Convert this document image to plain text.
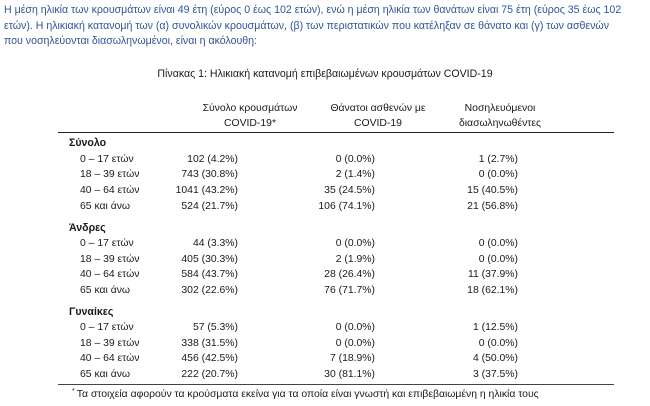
Η μέση ηλικία των κρουσμάτων είναι 49 έτη (εύρος 0 έως 102 ετών), ενώ η μέση ηλικία των θανάτων είναι 75 έτη (εύρος 35 έως 102
ετών). Η ηλικιακή κατανομή των (α) συνολικών κρουσμάτων, (β) των περιστατικών που κατέληξαν σε θάνατο και (γ) των ασθενών
που νοσηλεύονται διασωληνωμένοι, είναι η ακόλουθη:
Πίνακας 1: Ηλικιακή κατανομή επιβεβαιωμένων κρουσμάτων COVID-19
Σύνολο κρουσμάτων
COVID-19*
Θάνατοι ασθενών με
COVID-19
Νοσηλευόμενοι
διασωληνωθέντες
Σύνολο
0 – 17 ετών	102 (4.2%)	0 (0.0%)	1 (2.7%)
18 – 39 ετών	743 (30.8%)	2 (1.4%)	0 (0.0%)
40 – 64 ετών	1041 (43.2%)	35 (24.5%)	15 (40.5%)
65 και άνω	524 (21.7%)	106 (74.1%)	21 (56.8%)
Άνδρες
0 – 17 ετών	44 (3.3%)	0 (0.0%)	0 (0.0%)
18 – 39 ετών	405 (30.3%)	2 (1.9%)	0 (0.0%)
40 – 64 ετών	584 (43.7%)	28 (26.4%)	11 (37.9%)
65 και άνω	302 (22.6%)	76 (71.7%)	18 (62.1%)
Γυναίκες
0 – 17 ετών	57 (5.3%)	0 (0.0%)	1 (12.5%)
18 – 39 ετών	338 (31.5%)	0 (0.0%)	0 (0.0%)
40 – 64 ετών	456 (42.5%)	7 (18.9%)	4 (50.0%)
65 και άνω	222 (20.7%)	30 (81.1%)	3 (37.5%)
* Τα στοιχεία αφορούν τα κρούσματα εκείνα για τα οποία είναι γνωστή και επιβεβαιωμένη η ηλικία τους
